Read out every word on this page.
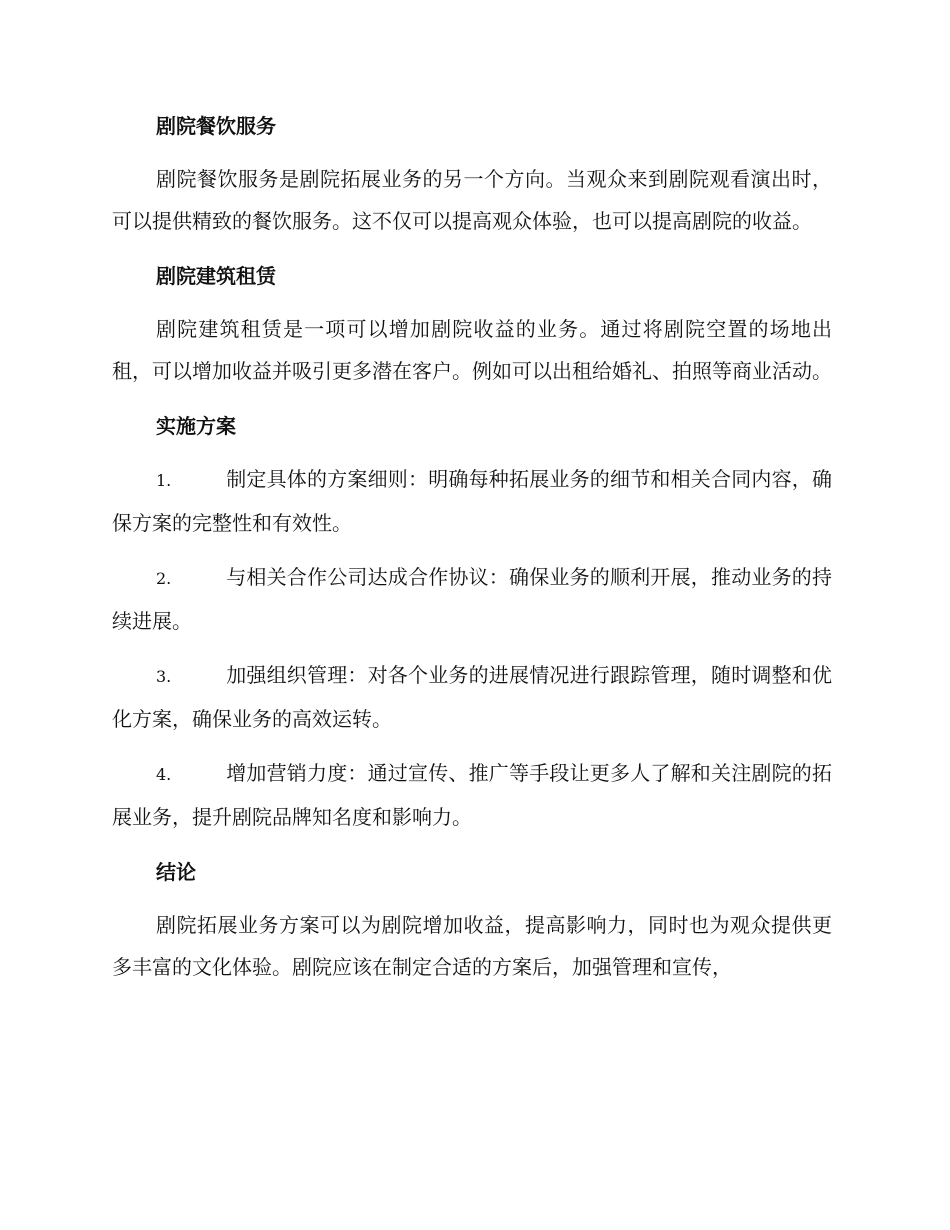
剧院餐饮服务

剧院餐饮服务是剧院拓展业务的另一个方向。当观众来到剧院观看演出时，可以提供精致的餐饮服务。这不仅可以提高观众体验，也可以提高剧院的收益。

剧院建筑租赁

剧院建筑租赁是一项可以增加剧院收益的业务。通过将剧院空置的场地出租，可以增加收益并吸引更多潜在客户。例如可以出租给婚礼、拍照等商业活动。

实施方案
1.	制定具体的方案细则：明确每种拓展业务的细节和相关合同内容，确保方案的完整性和有效性。
2.	与相关合作公司达成合作协议：确保业务的顺利开展，推动业务的持续进展。
3.	加强组织管理：对各个业务的进展情况进行跟踪管理，随时调整和优化方案，确保业务的高效运转。
4.	增加营销力度：通过宣传、推广等手段让更多人了解和关注剧院的拓展业务，提升剧院品牌知名度和影响力。
结论

剧院拓展业务方案可以为剧院增加收益，提高影响力，同时也为观众提供更多丰富的文化体验。剧院应该在制定合适的方案后，加强管理和宣传，
